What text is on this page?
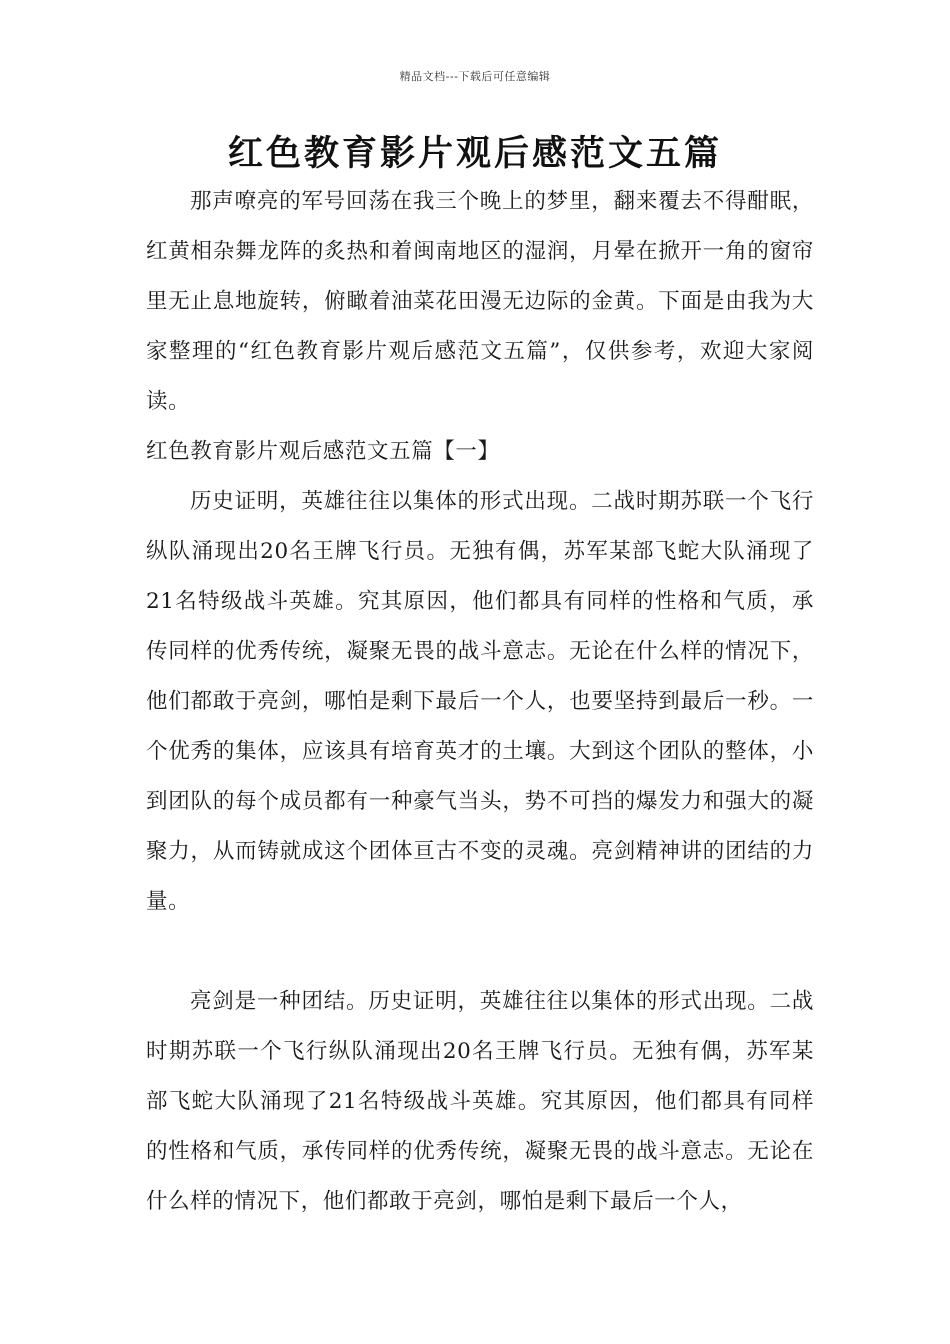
精品文档---下载后可任意编辑
红色教育影片观后感范文五篇

那声嘹亮的军号回荡在我三个晚上的梦里，翻来覆去不得酣眠，红黄相杂舞龙阵的炙热和着闽南地区的湿润，月晕在掀开一角的窗帘里无止息地旋转，俯瞰着油菜花田漫无边际的金黄。下面是由我为大家整理的“红色教育影片观后感范文五篇”，仅供参考，欢迎大家阅读。

红色教育影片观后感范文五篇【一】

历史证明，英雄往往以集体的形式出现。二战时期苏联一个飞行纵队涌现出20名王牌飞行员。无独有偶，苏军某部飞蛇大队涌现了21名特级战斗英雄。究其原因，他们都具有同样的性格和气质，承传同样的优秀传统，凝聚无畏的战斗意志。无论在什么样的情况下，他们都敢于亮剑，哪怕是剩下最后一个人，也要坚持到最后一秒。一个优秀的集体，应该具有培育英才的土壤。大到这个团队的整体，小到团队的每个成员都有一种豪气当头，势不可挡的爆发力和强大的凝聚力，从而铸就成这个团体亘古不变的灵魂。亮剑精神讲的团结的力量。

亮剑是一种团结。历史证明，英雄往往以集体的形式出现。二战时期苏联一个飞行纵队涌现出20名王牌飞行员。无独有偶，苏军某部飞蛇大队涌现了21名特级战斗英雄。究其原因，他们都具有同样的性格和气质，承传同样的优秀传统，凝聚无畏的战斗意志。无论在什么样的情况下，他们都敢于亮剑，哪怕是剩下最后一个人，
